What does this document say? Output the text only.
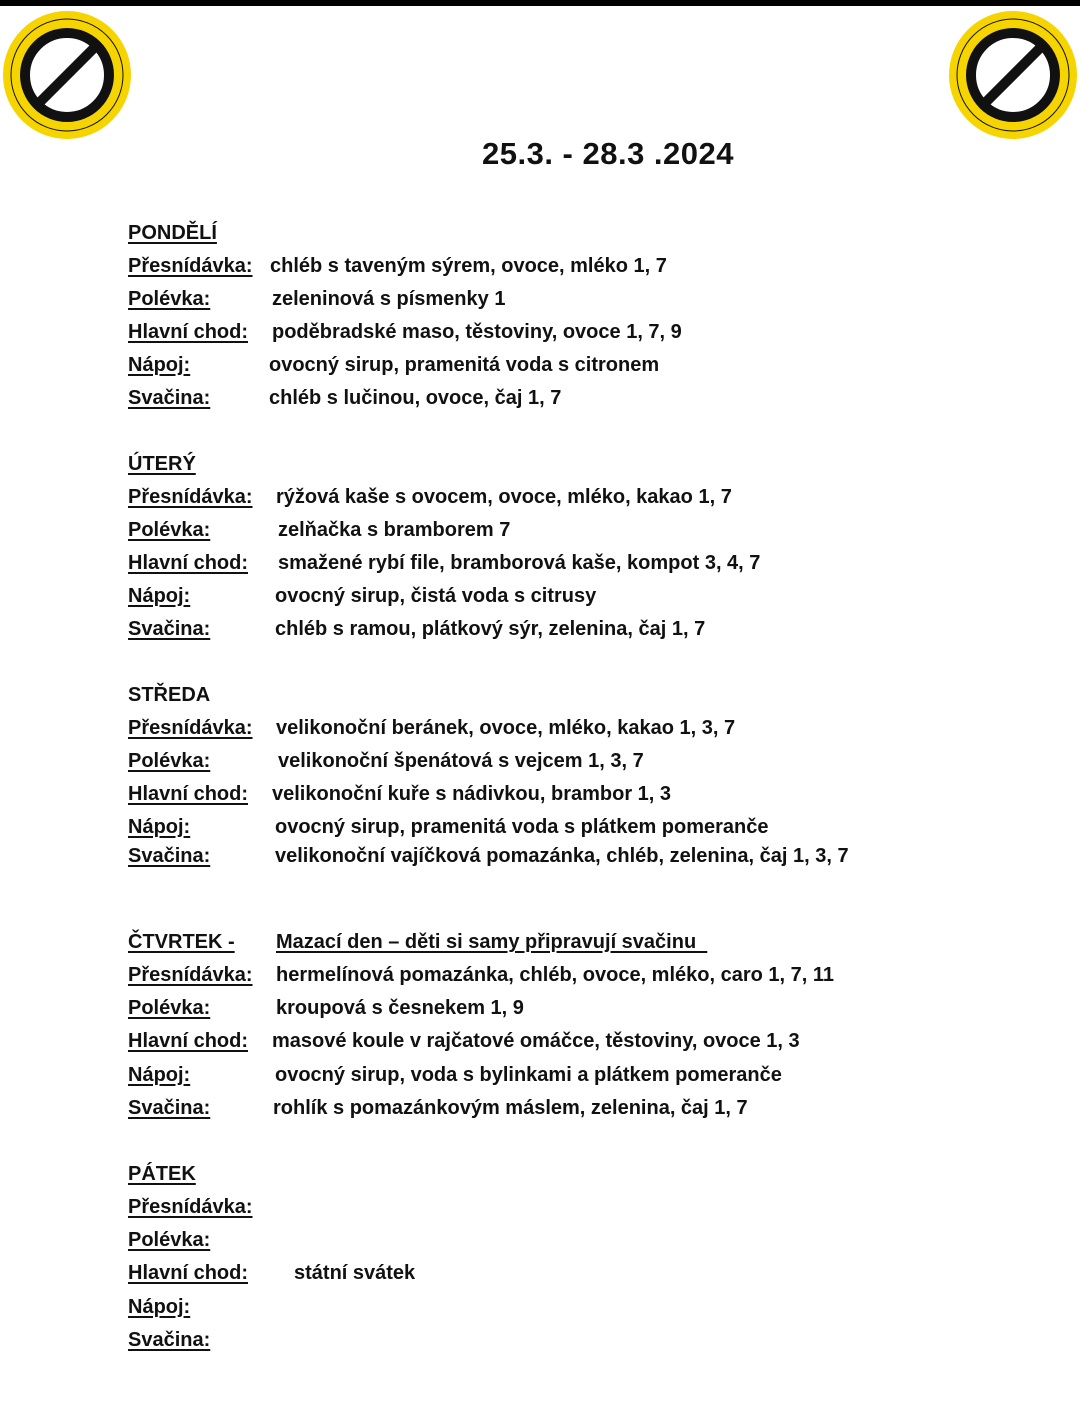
25.3. - 28.3 .2024
PONDĚLÍ
Přesnídávka: chléb s taveným sýrem, ovoce, mléko 1, 7
Polévka:	zeleninová s písmenky 1
Hlavní chod: poděbradské maso, těstoviny, ovoce 1, 7, 9
Nápoj:	ovocný sirup, pramenitá voda s citronem
Svačina:	chléb s lučinou, ovoce, čaj 1, 7
ÚTERÝ
Přesnídávka: rýžová kaše s ovocem, ovoce, mléko, kakao 1, 7
Polévka:	zelňačka s bramborem 7
Hlavní chod: smažené rybí file, bramborová kaše, kompot 3, 4, 7
Nápoj:	ovocný sirup, čistá voda s citrusy
Svačina:	chléb s ramou, plátkový sýr, zelenina, čaj 1, 7
STŘEDA
Přesnídávka: velikonoční beránek, ovoce, mléko, kakao 1, 3, 7
Polévka:	velikonoční špenátová s vejcem 1, 3, 7
Hlavní chod: velikonoční kuře s nádivkou, brambor 1, 3
Nápoj:	ovocný sirup, pramenitá voda s plátkem pomeranče
Svačina:	velikonoční vajíčková pomazánka, chléb, zelenina, čaj 1, 3, 7
ČTVRTEK - Mazací den – děti si samy připravují svačinu
Přesnídávka: hermelínová pomazánka, chléb, ovoce, mléko, caro 1, 7, 11
Polévka:	kroupová s česnekem 1, 9
Hlavní chod: masové koule v rajčatové omáčce, těstoviny, ovoce 1, 3
Nápoj:	ovocný sirup, voda s bylinkami a plátkem pomeranče
Svačina:	rohlík s pomazánkovým máslem, zelenina, čaj 1, 7
PÁTEK
Přesnídávka:
Polévka:
Hlavní chod: státní svátek
Nápoj:
Svačina:
